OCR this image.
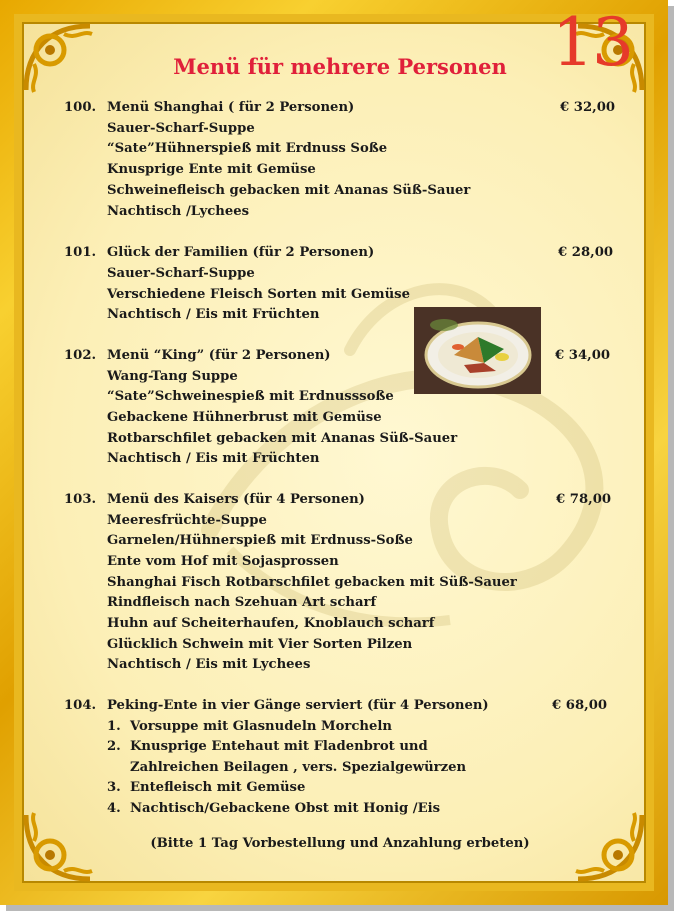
13
Menü für mehrere Personen
100. Menü Shanghai ( für 2 Personen)	€ 32,00
Sauer-Scharf-Suppe
“Sate”Hühnerspieß mit Erdnuss Soße
Knusprige Ente mit Gemüse
Schweinefleisch gebacken mit Ananas Süß-Sauer
Nachtisch /Lychees
101. Glück der Familien (für 2 Personen)	€ 28,00
Sauer-Scharf-Suppe
Verschiedene Fleisch Sorten mit Gemüse
Nachtisch / Eis mit Früchten
102. Menü “King” (für 2 Personen)	€ 34,00
Wang-Tang Suppe
“Sate”Schweinespieß mit Erdnusssoße
Gebackene Hühnerbrust mit Gemüse
Rotbarschfilet gebacken mit Ananas Süß-Sauer
Nachtisch / Eis mit Früchten
103. Menü des Kaisers (für 4 Personen)	€ 78,00
Meeresfrüchte-Suppe
Garnelen/Hühnerspieß mit Erdnuss-Soße
Ente vom Hof mit Sojasprossen
Shanghai Fisch Rotbarschfilet gebacken mit Süß-Sauer
Rindfleisch nach Szehuan Art scharf
Huhn auf Scheiterhaufen, Knoblauch scharf
Glücklich Schwein mit Vier Sorten Pilzen
Nachtisch / Eis mit Lychees
104. Peking-Ente in vier Gänge serviert (für 4 Personen)	€ 68,00
1.  Vorsuppe mit Glasnudeln Morcheln
2.  Knusprige Entehaut mit Fladenbrot und
Zahlreichen Beilagen , vers. Spezialgewürzen
3.  Entefleisch mit Gemüse
4.  Nachtisch/Gebackene Obst mit Honig /Eis
(Bitte 1 Tag Vorbestellung und Anzahlung erbeten)
